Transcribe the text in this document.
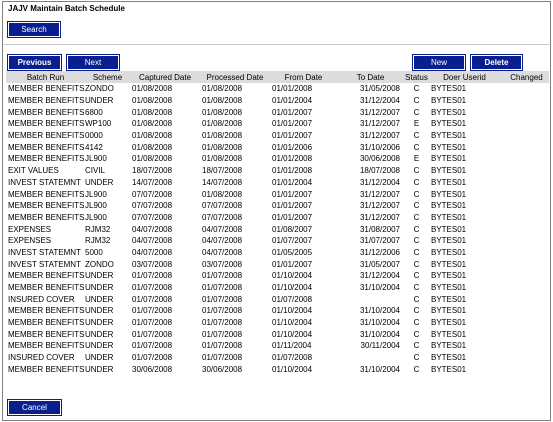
JAJV Maintain Batch Schedule
Search
Previous	Next	New	Delete
Batch Run	Scheme	Captured Date	Processed Date	From Date	To Date	Status	Doer Userid	Changed
MEMBER BENEFITS	ZONDO	01/08/2008	01/08/2008	01/01/2008	31/05/2008	C	BYTES01	
MEMBER BENEFITS	UNDER	01/08/2008	01/08/2008	01/01/2004	31/12/2004	C	BYTES01	
MEMBER BENEFITS	6800	01/08/2008	01/08/2008	01/01/2007	31/12/2007	C	BYTES01	
MEMBER BENEFITS	WP100	01/08/2008	01/08/2008	01/01/2007	31/12/2007	E	BYTES01	
MEMBER BENEFITS	0000	01/08/2008	01/08/2008	01/01/2007	31/12/2007	C	BYTES01	
MEMBER BENEFITS	4142	01/08/2008	01/08/2008	01/01/2006	31/10/2006	C	BYTES01	
MEMBER BENEFITS	JL900	01/08/2008	01/08/2008	01/01/2008	30/06/2008	E	BYTES01	
EXIT VALUES	CIVIL	18/07/2008	18/07/2008	01/01/2008	18/07/2008	C	BYTES01	
INVEST STATEMNT	UNDER	14/07/2008	14/07/2008	01/01/2004	31/12/2004	C	BYTES01	
MEMBER BENEFITS	JL900	07/07/2008	01/08/2008	01/01/2007	31/12/2007	C	BYTES01	
MEMBER BENEFITS	JL900	07/07/2008	07/07/2008	01/01/2007	31/12/2007	C	BYTES01	
MEMBER BENEFITS	JL900	07/07/2008	07/07/2008	01/01/2007	31/12/2007	C	BYTES01	
EXPENSES	RJM32	04/07/2008	04/07/2008	01/08/2007	31/08/2007	C	BYTES01	
EXPENSES	RJM32	04/07/2008	04/07/2008	01/07/2007	31/07/2007	C	BYTES01	
INVEST STATEMNT	5000	04/07/2008	04/07/2008	01/05/2005	31/12/2006	C	BYTES01	
INVEST STATEMNT	ZONDO	03/07/2008	03/07/2008	01/01/2007	31/05/2007	C	BYTES01	
MEMBER BENEFITS	UNDER	01/07/2008	01/07/2008	01/10/2004	31/12/2004	C	BYTES01	
MEMBER BENEFITS	UNDER	01/07/2008	01/07/2008	01/10/2004	31/10/2004	C	BYTES01	
INSURED COVER	UNDER	01/07/2008	01/07/2008	01/07/2008		C	BYTES01	
MEMBER BENEFITS	UNDER	01/07/2008	01/07/2008	01/10/2004	31/10/2004	C	BYTES01	
MEMBER BENEFITS	UNDER	01/07/2008	01/07/2008	01/10/2004	31/10/2004	C	BYTES01	
MEMBER BENEFITS	UNDER	01/07/2008	01/07/2008	01/10/2004	31/10/2004	C	BYTES01	
MEMBER BENEFITS	UNDER	01/07/2008	01/07/2008	01/11/2004	30/11/2004	C	BYTES01	
INSURED COVER	UNDER	01/07/2008	01/07/2008	01/07/2008		C	BYTES01	
MEMBER BENEFITS	UNDER	30/06/2008	30/06/2008	01/10/2004	31/10/2004	C	BYTES01	
Cancel
